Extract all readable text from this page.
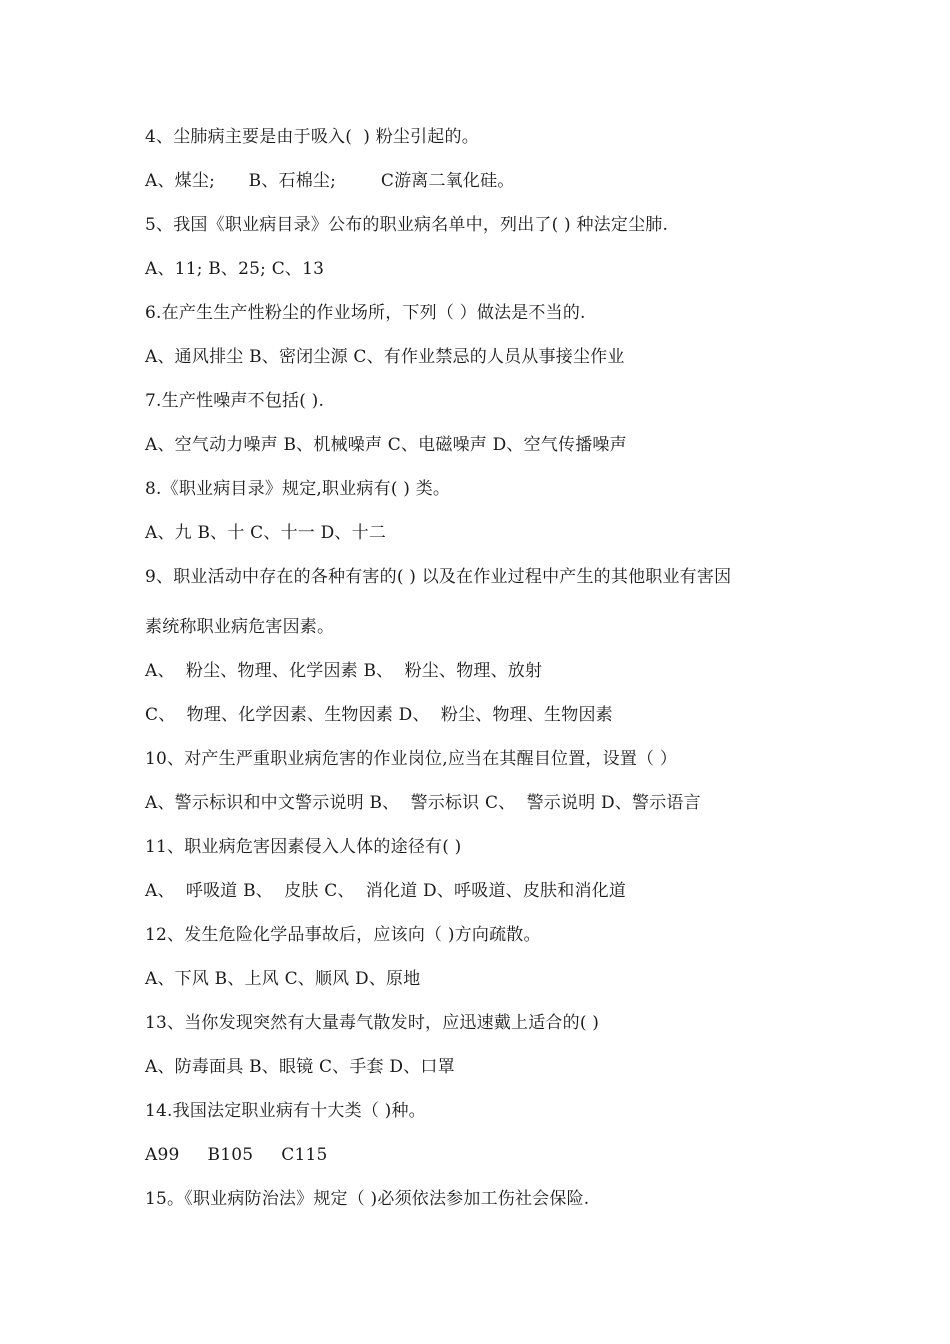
4、尘肺病主要是由于吸入(  ) 粉尘引起的。
A、煤尘;      B、石棉尘;        C游离二氧化硅。
5、我国《职业病目录》公布的职业病名单中，列出了( ) 种法定尘肺.
A、11; B、25; C、13
6.在产生生产性粉尘的作业场所，下列（ ）做法是不当的.
A、通风排尘 B、密闭尘源 C、有作业禁忌的人员从事接尘作业
7.生产性噪声不包括( ).
A、空气动力噪声 B、机械噪声 C、电磁噪声 D、空气传播噪声
8.《职业病目录》规定,职业病有( ) 类。
A、九 B、十 C、十一 D、十二
9、职业活动中存在的各种有害的( ) 以及在作业过程中产生的其他职业有害因
素统称职业病危害因素。
A、  粉尘、物理、化学因素 B、  粉尘、物理、放射
C、  物理、化学因素、生物因素 D、  粉尘、物理、生物因素
10、对产生严重职业病危害的作业岗位,应当在其醒目位置，设置（ ）
A、警示标识和中文警示说明 B、  警示标识 C、  警示说明 D、警示语言
11、职业病危害因素侵入人体的途径有( )
A、  呼吸道 B、  皮肤 C、  消化道 D、呼吸道、皮肤和消化道
12、发生危险化学品事故后，应该向（ )方向疏散。
A、下风 B、上风 C、顺风 D、原地
13、当你发现突然有大量毒气散发时，应迅速戴上适合的( )
A、防毒面具 B、眼镜 C、手套 D、口罩
14.我国法定职业病有十大类（ )种。
A99     B105     C115
15。《职业病防治法》规定（ )必须依法参加工伤社会保险.
